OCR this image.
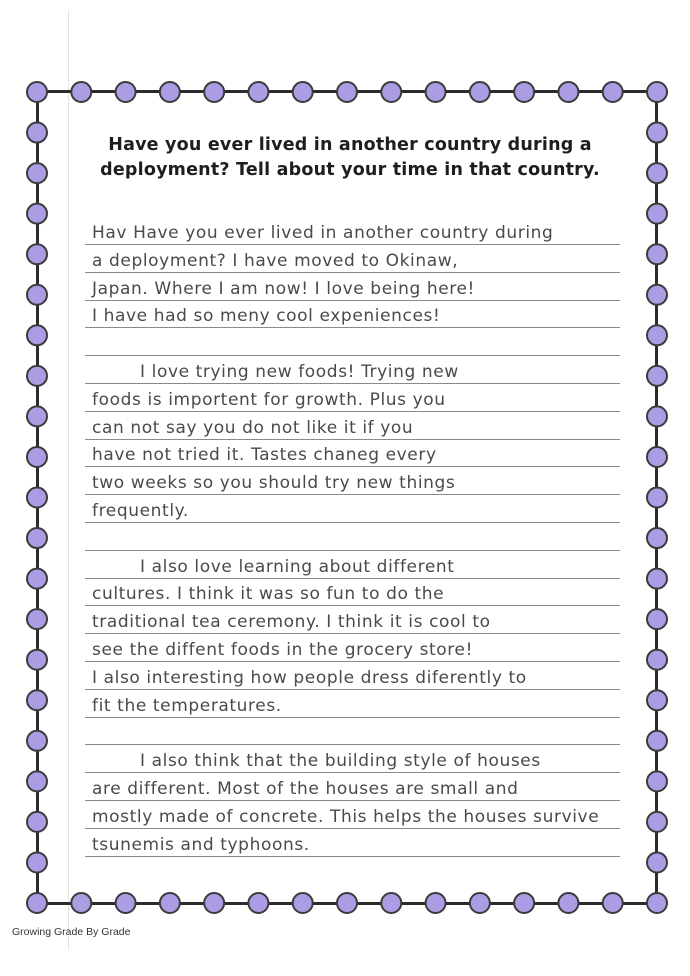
Have you ever lived in another country during a
deployment? Tell about your time in that country.
Hav Have you ever lived in another country during
a deployment? I have moved to Okinaw,
Japan. Where I am now! I love being here!
I have had so meny cool expeniences!
I love trying new foods! Trying new
foods is importent for growth. Plus you
can not say you do not like it if you
have not tried it. Tastes chaneg every
two weeks so you should try new things
frequently.
I also love learning about different
cultures. I think it was so fun to do the
traditional tea ceremony. I think it is cool to
see the diffent foods in the grocery store!
I also interesting how people dress diferently to
fit the temperatures.
I also think that the building style of houses
are different. Most of the houses are small and
mostly made of concrete. This helps the houses survive
tsunemis and typhoons.
Growing Grade By Grade
